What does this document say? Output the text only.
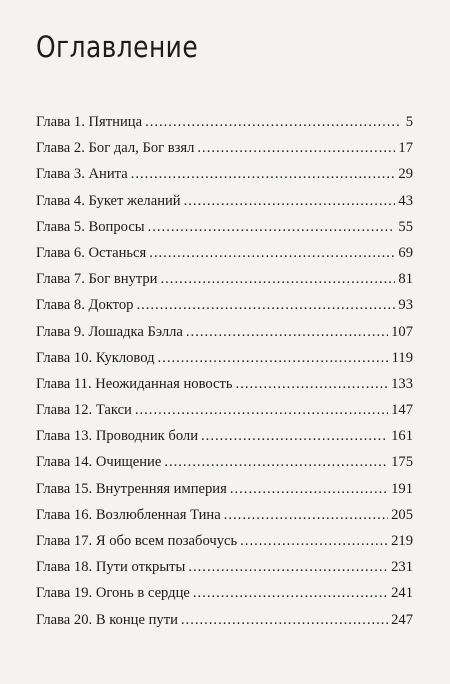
Оглавление
Глава 1. Пятница .....	5
Глава 2. Бог дал, Бог взял .....	17
Глава 3. Анита .....	29
Глава 4. Букет желаний .....	43
Глава 5. Вопросы .....	55
Глава 6. Останься .....	69
Глава 7. Бог внутри .....	81
Глава 8. Доктор .....	93
Глава 9. Лошадка Бэлла .....	107
Глава 10. Кукловод .....	119
Глава 11. Неожиданная новость .....	133
Глава 12. Такси .....	147
Глава 13. Проводник боли .....	161
Глава 14. Очищение .....	175
Глава 15. Внутренняя империя .....	191
Глава 16. Возлюбленная Тина .....	205
Глава 17. Я обо всем позабочусь .....	219
Глава 18. Пути открыты .....	231
Глава 19. Огонь в сердце .....	241
Глава 20. В конце пути .....	247
